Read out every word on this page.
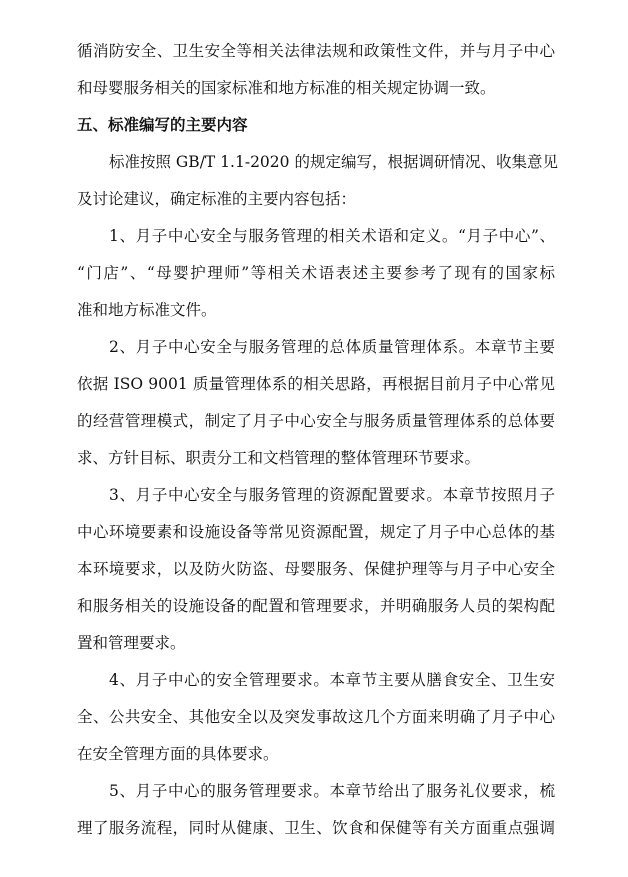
循消防安全、卫生安全等相关法律法规和政策性文件，并与月子中心
和母婴服务相关的国家标准和地方标准的相关规定协调一致。
五、标准编写的主要内容
标准按照 GB/T 1.1-2020 的规定编写，根据调研情况、收集意见
及讨论建议，确定标准的主要内容包括：
1、月子中心安全与服务管理的相关术语和定义。“月子中心”、
“门店”、“母婴护理师”等相关术语表述主要参考了现有的国家标
准和地方标准文件。
2、月子中心安全与服务管理的总体质量管理体系。本章节主要
依据 ISO 9001 质量管理体系的相关思路，再根据目前月子中心常见
的经营管理模式，制定了月子中心安全与服务质量管理体系的总体要
求、方针目标、职责分工和文档管理的整体管理环节要求。
3、月子中心安全与服务管理的资源配置要求。本章节按照月子
中心环境要素和设施设备等常见资源配置，规定了月子中心总体的基
本环境要求，以及防火防盗、母婴服务、保健护理等与月子中心安全
和服务相关的设施设备的配置和管理要求，并明确服务人员的架构配
置和管理要求。
4、月子中心的安全管理要求。本章节主要从膳食安全、卫生安
全、公共安全、其他安全以及突发事故这几个方面来明确了月子中心
在安全管理方面的具体要求。
5、月子中心的服务管理要求。本章节给出了服务礼仪要求，梳
理了服务流程，同时从健康、卫生、饮食和保健等有关方面重点强调
